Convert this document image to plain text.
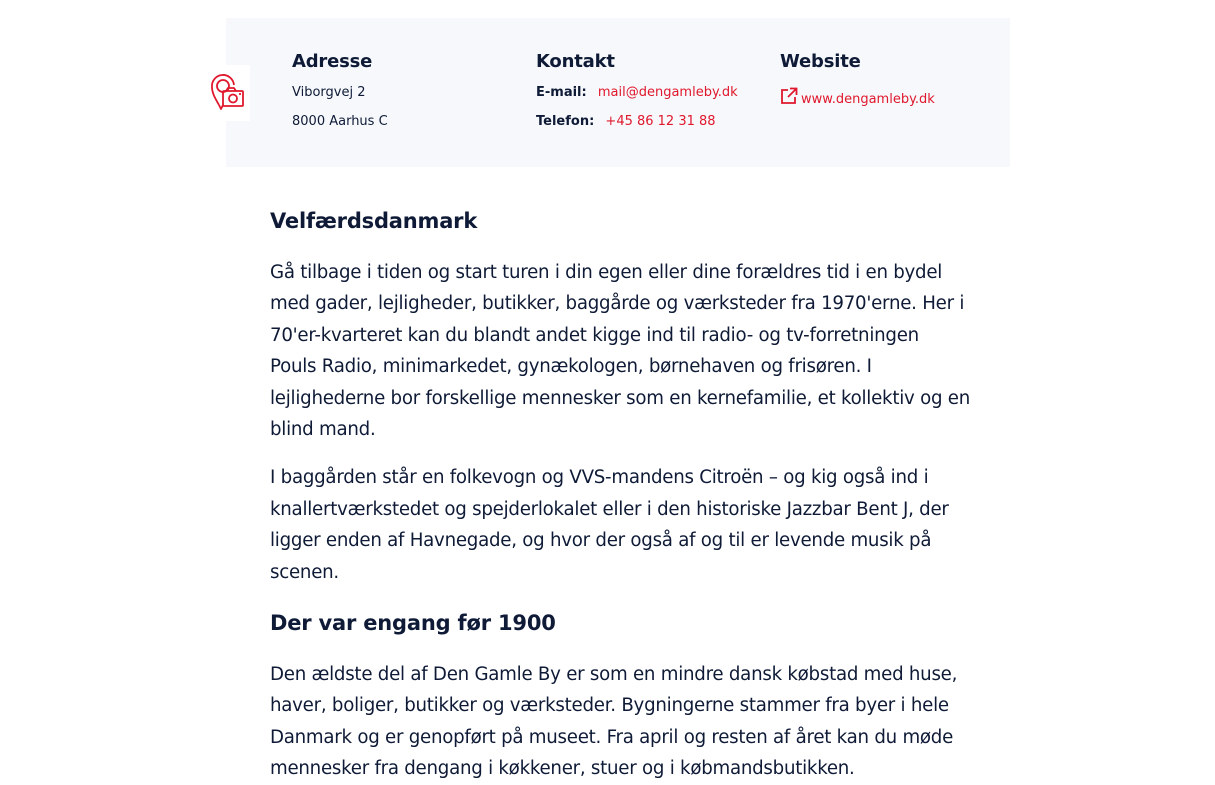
Adresse
Viborgvej 2
8000 Aarhus C
Kontakt
E-mail: mail@dengamleby.dk
Telefon: +45 86 12 31 88
Website
www.dengamleby.dk
Velfærdsdanmark

Gå tilbage i tiden og start turen i din egen eller dine forældres tid i en bydel med gader, lejligheder, butikker, baggårde og værksteder fra 1970'erne. Her i 70'er-kvarteret kan du blandt andet kigge ind til radio- og tv-forretningen Pouls Radio, minimarkedet, gynækologen, børnehaven og frisøren. I lejlighederne bor forskellige mennesker som en kernefamilie, et kollektiv og en blind mand.

I baggården står en folkevogn og VVS-mandens Citroën – og kig også ind i knallertværkstedet og spejderlokalet eller i den historiske Jazzbar Bent J, der ligger enden af Havnegade, og hvor der også af og til er levende musik på scenen.

Der var engang før 1900

Den ældste del af Den Gamle By er som en mindre dansk købstad med huse, haver, boliger, butikker og værksteder. Bygningerne stammer fra byer i hele Danmark og er genopført på museet. Fra april og resten af året kan du møde mennesker fra dengang i køkkener, stuer og i købmandsbutikken.
